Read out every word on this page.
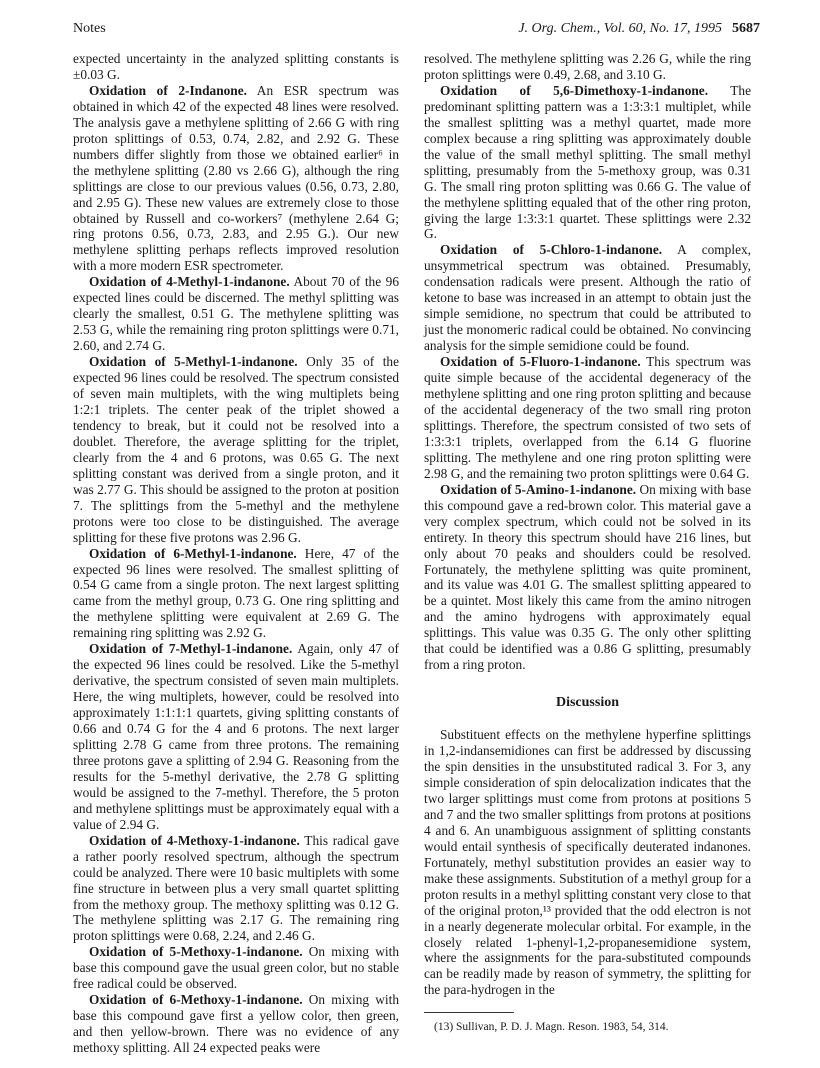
Notes	J. Org. Chem., Vol. 60, No. 17, 1995 5687

expected uncertainty in the analyzed splitting constants is ±0.03 G.

Oxidation of 2-Indanone. An ESR spectrum was obtained in which 42 of the expected 48 lines were resolved. The analysis gave a methylene splitting of 2.66 G with ring proton splittings of 0.53, 0.74, 2.82, and 2.92 G. These numbers differ slightly from those we obtained earlier⁶ in the methylene splitting (2.80 vs 2.66 G), although the ring splittings are close to our previous values (0.56, 0.73, 2.80, and 2.95 G). These new values are extremely close to those obtained by Russell and co-workers⁷ (methylene 2.64 G; ring protons 0.56, 0.73, 2.83, and 2.95 G.). Our new methylene splitting perhaps reflects improved resolution with a more modern ESR spectrometer.

Oxidation of 4-Methyl-1-indanone. About 70 of the 96 expected lines could be discerned. The methyl splitting was clearly the smallest, 0.51 G. The methylene splitting was 2.53 G, while the remaining ring proton splittings were 0.71, 2.60, and 2.74 G.

Oxidation of 5-Methyl-1-indanone. Only 35 of the expected 96 lines could be resolved. The spectrum consisted of seven main multiplets, with the wing multiplets being 1:2:1 triplets. The center peak of the triplet showed a tendency to break, but it could not be resolved into a doublet. Therefore, the average splitting for the triplet, clearly from the 4 and 6 protons, was 0.65 G. The next splitting constant was derived from a single proton, and it was 2.77 G. This should be assigned to the proton at position 7. The splittings from the 5-methyl and the methylene protons were too close to be distinguished. The average splitting for these five protons was 2.96 G.

Oxidation of 6-Methyl-1-indanone. Here, 47 of the expected 96 lines were resolved. The smallest splitting of 0.54 G came from a single proton. The next largest splitting came from the methyl group, 0.73 G. One ring splitting and the methylene splitting were equivalent at 2.69 G. The remaining ring splitting was 2.92 G.

Oxidation of 7-Methyl-1-indanone. Again, only 47 of the expected 96 lines could be resolved. Like the 5-methyl derivative, the spectrum consisted of seven main multiplets. Here, the wing multiplets, however, could be resolved into approximately 1:1:1:1 quartets, giving splitting constants of 0.66 and 0.74 G for the 4 and 6 protons. The next larger splitting 2.78 G came from three protons. The remaining three protons gave a splitting of 2.94 G. Reasoning from the results for the 5-methyl derivative, the 2.78 G splitting would be assigned to the 7-methyl. Therefore, the 5 proton and methylene splittings must be approximately equal with a value of 2.94 G.

Oxidation of 4-Methoxy-1-indanone. This radical gave a rather poorly resolved spectrum, although the spectrum could be analyzed. There were 10 basic multiplets with some fine structure in between plus a very small quartet splitting from the methoxy group. The methoxy splitting was 0.12 G. The methylene splitting was 2.17 G. The remaining ring proton splittings were 0.68, 2.24, and 2.46 G.

Oxidation of 5-Methoxy-1-indanone. On mixing with base this compound gave the usual green color, but no stable free radical could be observed.

Oxidation of 6-Methoxy-1-indanone. On mixing with base this compound gave first a yellow color, then green, and then yellow-brown. There was no evidence of any methoxy splitting. All 24 expected peaks were

resolved. The methylene splitting was 2.26 G, while the ring proton splittings were 0.49, 2.68, and 3.10 G.

Oxidation of 5,6-Dimethoxy-1-indanone. The predominant splitting pattern was a 1:3:3:1 multiplet, while the smallest splitting was a methyl quartet, made more complex because a ring splitting was approximately double the value of the small methyl splitting. The small methyl splitting, presumably from the 5-methoxy group, was 0.31 G. The small ring proton splitting was 0.66 G. The value of the methylene splitting equaled that of the other ring proton, giving the large 1:3:3:1 quartet. These splittings were 2.32 G.

Oxidation of 5-Chloro-1-indanone. A complex, unsymmetrical spectrum was obtained. Presumably, condensation radicals were present. Although the ratio of ketone to base was increased in an attempt to obtain just the simple semidione, no spectrum that could be attributed to just the monomeric radical could be obtained. No convincing analysis for the simple semidione could be found.

Oxidation of 5-Fluoro-1-indanone. This spectrum was quite simple because of the accidental degeneracy of the methylene splitting and one ring proton splitting and because of the accidental degeneracy of the two small ring proton splittings. Therefore, the spectrum consisted of two sets of 1:3:3:1 triplets, overlapped from the 6.14 G fluorine splitting. The methylene and one ring proton splitting were 2.98 G, and the remaining two proton splittings were 0.64 G.

Oxidation of 5-Amino-1-indanone. On mixing with base this compound gave a red-brown color. This material gave a very complex spectrum, which could not be solved in its entirety. In theory this spectrum should have 216 lines, but only about 70 peaks and shoulders could be resolved. Fortunately, the methylene splitting was quite prominent, and its value was 4.01 G. The smallest splitting appeared to be a quintet. Most likely this came from the amino nitrogen and the amino hydrogens with approximately equal splittings. This value was 0.35 G. The only other splitting that could be identified was a 0.86 G splitting, presumably from a ring proton.

Discussion

Substituent effects on the methylene hyperfine splittings in 1,2-indansemidiones can first be addressed by discussing the spin densities in the unsubstituted radical 3. For 3, any simple consideration of spin delocalization indicates that the two larger splittings must come from protons at positions 5 and 7 and the two smaller splittings from protons at positions 4 and 6. An unambiguous assignment of splitting constants would entail synthesis of specifically deuterated indanones. Fortunately, methyl substitution provides an easier way to make these assignments. Substitution of a methyl group for a proton results in a methyl splitting constant very close to that of the original proton,¹³ provided that the odd electron is not in a nearly degenerate molecular orbital. For example, in the closely related 1-phenyl-1,2-propanesemidione system, where the assignments for the para-substituted compounds can be readily made by reason of symmetry, the splitting for the para-hydrogen in the

(13) Sullivan, P. D. J. Magn. Reson. 1983, 54, 314.
